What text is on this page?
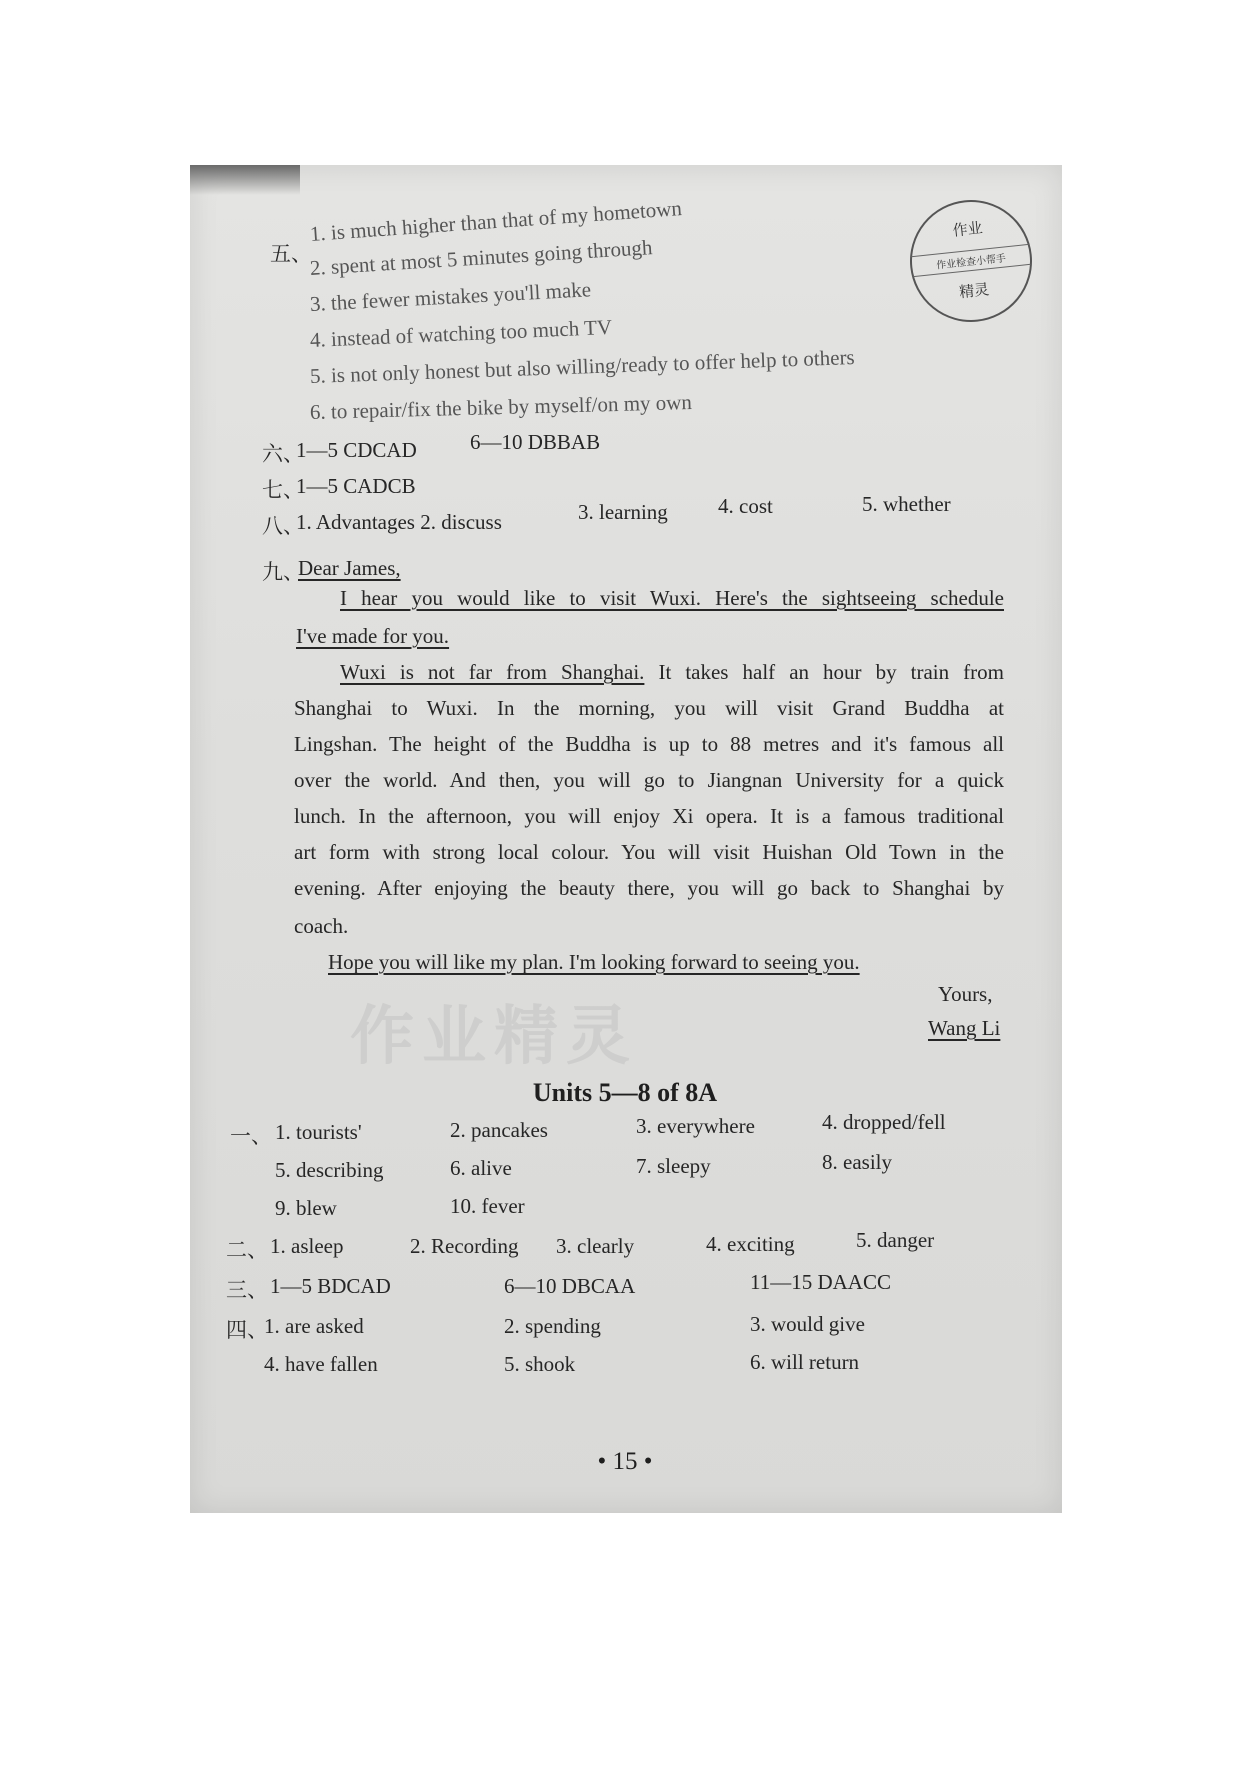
作业
作业检查小帮手
精灵
作业精灵
五、
1. is much higher than that of my hometown
2. spent at most 5 minutes going through
3. the fewer mistakes you'll make
4. instead of watching too much TV
5. is not only honest but also willing/ready to offer help to others
6. to repair/fix the bike by myself/on my own
六、
1—5 CDCAD	6—10 DBBAB
七、
1—5 CADCB
八、
1. Advantages 2. discuss	3. learning 4. cost	5. whether
九、
Dear James,
I hear you would like to visit Wuxi. Here's the sightseeing schedule
I've made for you.
Wuxi is not far from Shanghai. It takes half an hour by train from
Shanghai to Wuxi. In the morning, you will visit Grand Buddha at
Lingshan. The height of the Buddha is up to 88 metres and it's famous all
over the world. And then, you will go to Jiangnan University for a quick
lunch. In the afternoon, you will enjoy Xi opera. It is a famous traditional
art form with strong local colour. You will visit Huishan Old Town in the
evening. After enjoying the beauty there, you will go back to Shanghai by
coach.
Hope you will like my plan. I'm looking forward to seeing you.
Yours,
Wang Li
Units 5—8 of 8A
一、 1. tourists'	2. pancakes	3. everywhere	4. dropped/fell
5. describing	6. alive	7. sleepy	8. easily
9. blew	10. fever
二、 1. asleep	2. Recording 3. clearly	4. exciting	5. danger
三、 1—5 BDCAD	6—10 DBCAA	11—15 DAACC
四、
1. are asked	2. spending	3. would give
4. have fallen	5. shook	6. will return
• 15 •
